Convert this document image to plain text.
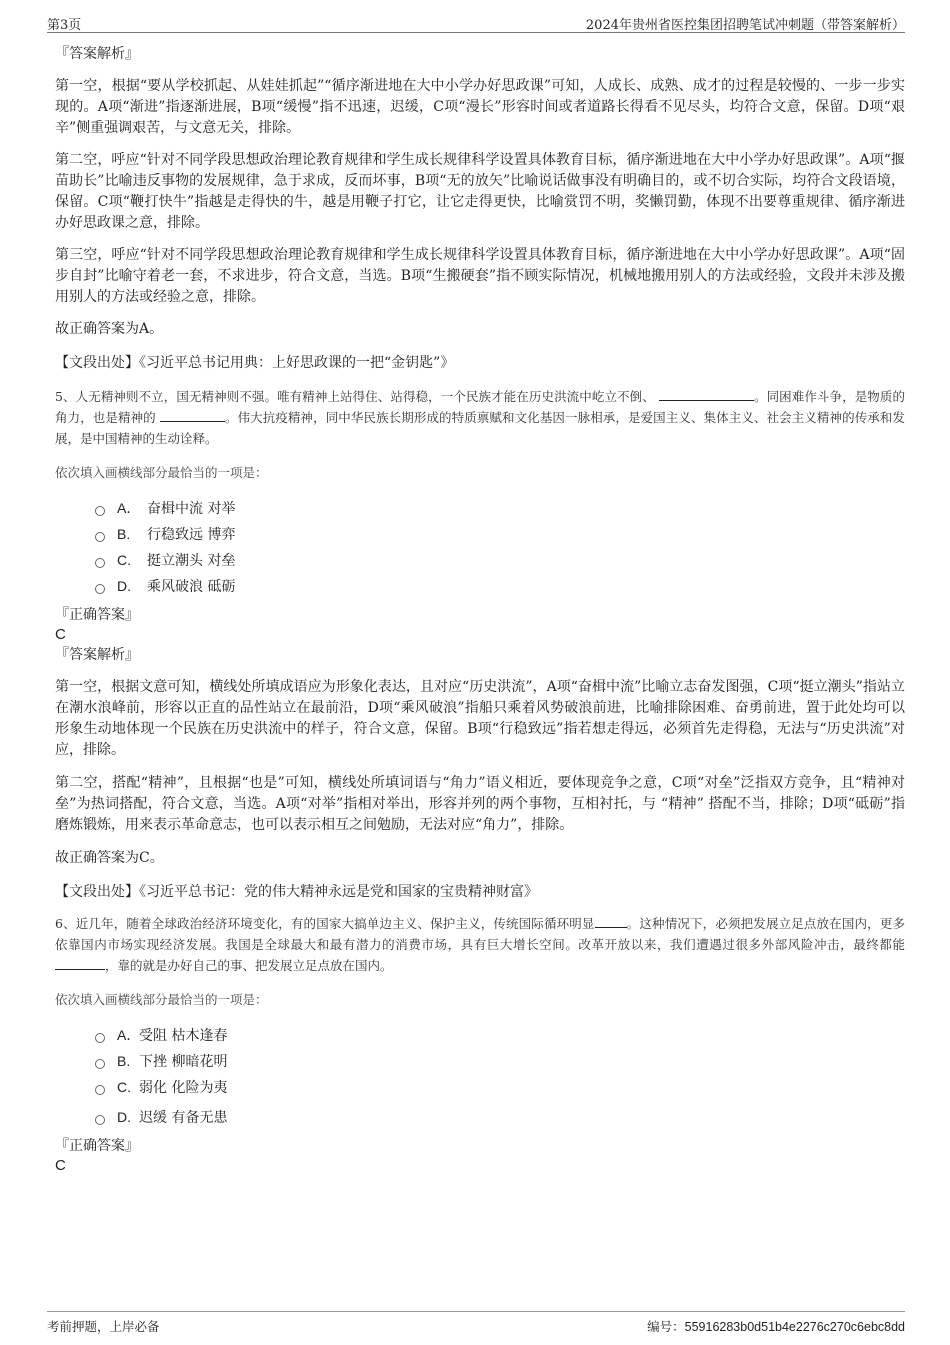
第3页	2024年贵州省医控集团招聘笔试冲刺题（带答案解析）

『答案解析』

第一空，根据“要从学校抓起、从娃娃抓起”“循序渐进地在大中小学办好思政课”可知，人成长、成熟、成才的过程是较慢的、一步一步实现的。A项“渐进”指逐渐进展，B项“缓慢”指不迅速，迟缓，C项“漫长”形容时间或者道路长得看不见尽头，均符合文意，保留。D项“艰辛”侧重强调艰苦，与文意无关，排除。

第二空，呼应“针对不同学段思想政治理论教育规律和学生成长规律科学设置具体教育目标，循序渐进地在大中小学办好思政课”。A项“揠苗助长”比喻违反事物的发展规律，急于求成，反而坏事，B项“无的放矢”比喻说话做事没有明确目的，或不切合实际，均符合文段语境，保留。C项“鞭打快牛”指越是走得快的牛，越是用鞭子打它，让它走得更快，比喻赏罚不明，奖懒罚勤，体现不出要尊重规律、循序渐进办好思政课之意，排除。

第三空，呼应“针对不同学段思想政治理论教育规律和学生成长规律科学设置具体教育目标，循序渐进地在大中小学办好思政课”。A项“固步自封”比喻守着老一套，不求进步，符合文意，当选。B项“生搬硬套”指不顾实际情况，机械地搬用别人的方法或经验，文段并未涉及搬用别人的方法或经验之意，排除。

故正确答案为A。

【文段出处】《习近平总书记用典：上好思政课的一把“金钥匙”》

5、人无精神则不立，国无精神则不强。唯有精神上站得住、站得稳，一个民族才能在历史洪流中屹立不倒、	。同困难作斗争，是物质的角力，也是精神的	。伟大抗疫精神，同中华民族长期形成的特质禀赋和文化基因一脉相承，是爱国主义、集体主义、社会主义精神的传承和发展，是中国精神的生动诠释。

依次填入画横线部分最恰当的一项是：

A． 奋楫中流 对举
B.	行稳致远 博弈
C.	挺立潮头 对垒
D.	乘风破浪 砥砺

『正确答案』

C

『答案解析』

第一空，根据文意可知，横线处所填成语应为形象化表达，且对应“历史洪流”，A项“奋楫中流”比喻立志奋发图强，C项“挺立潮头”指站立在潮水浪峰前，形容以正直的品性站立在最前沿，D项“乘风破浪”指船只乘着风势破浪前进，比喻排除困难、奋勇前进，置于此处均可以形象生动地体现一个民族在历史洪流中的样子，符合文意，保留。B项“行稳致远”指若想走得远，必须首先走得稳，无法与“历史洪流”对应，排除。

第二空，搭配“精神”，且根据“也是”可知，横线处所填词语与“角力”语义相近，要体现竞争之意，C项“对垒”泛指双方竞争，且“精神对垒”为热词搭配，符合文意，当选。A项“对举”指相对举出，形容并列的两个事物，互相衬托，与 “精神” 搭配不当，排除；D项“砥砺”指磨炼锻炼，用来表示革命意志，也可以表示相互之间勉励，无法对应“角力”，排除。

故正确答案为C。

【文段出处】《习近平总书记：党的伟大精神永远是党和国家的宝贵精神财富》

6、近几年，随着全球政治经济环境变化，有的国家大搞单边主义、保护主义，传统国际循环明显	。这种情况下，必须把发展立足点放在国内，更多依靠国内市场实现经济发展。我国是全球最大和最有潜力的消费市场，具有巨大增长空间。改革开放以来，我们遭遇过很多外部风险冲击，最终都能，靠的就是办好自己的事、把发展立足点放在国内。

依次填入画横线部分最恰当的一项是：

A．
受阻 枯木逢春
B. 下挫 柳暗花明
C. 弱化 化险为夷
D. 迟缓 有备无患

『正确答案』

C

考前押题，上岸必备	编号：55916283b0d51b4e2276c270c6ebc8dd
